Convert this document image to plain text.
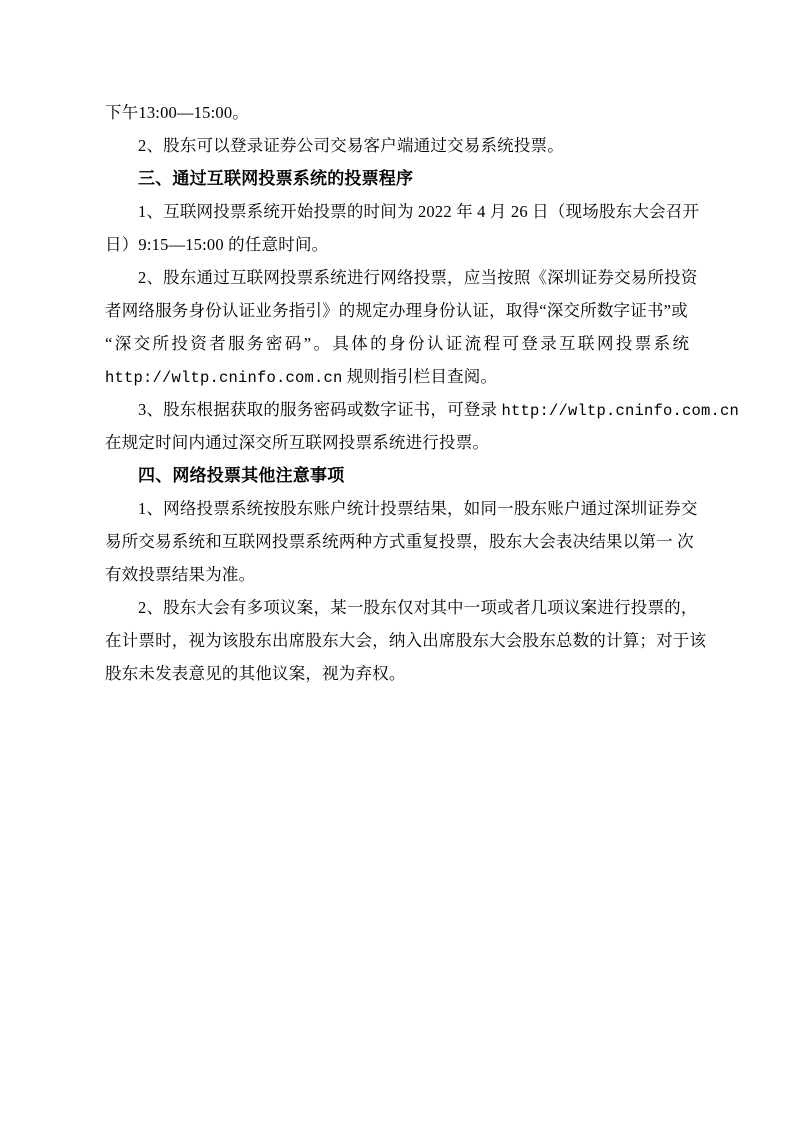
下午13:00—15:00。
2、股东可以登录证券公司交易客户端通过交易系统投票。
三、通过互联网投票系统的投票程序
1、互联网投票系统开始投票的时间为 2022 年 4 月 26 日（现场股东大会召开
日）9:15—15:00 的任意时间。
2、股东通过互联网投票系统进行网络投票，应当按照《深圳证券交易所投资
者网络服务身份认证业务指引》的规定办理身份认证，取得“深交所数字证书”或
“深交所投资者服务密码”。具体的身份认证流程可登录互联网投票系统
http://wltp.cninfo.com.cn 规则指引栏目查阅。
3、股东根据获取的服务密码或数字证书，可登录 http://wltp.cninfo.com.cn
在规定时间内通过深交所互联网投票系统进行投票。
四、网络投票其他注意事项
1、网络投票系统按股东账户统计投票结果，如同一股东账户通过深圳证券交
易所交易系统和互联网投票系统两种方式重复投票，股东大会表决结果以第一 次
有效投票结果为准。
2、股东大会有多项议案，某一股东仅对其中一项或者几项议案进行投票的，
在计票时，视为该股东出席股东大会，纳入出席股东大会股东总数的计算；对于该
股东未发表意见的其他议案，视为弃权。
